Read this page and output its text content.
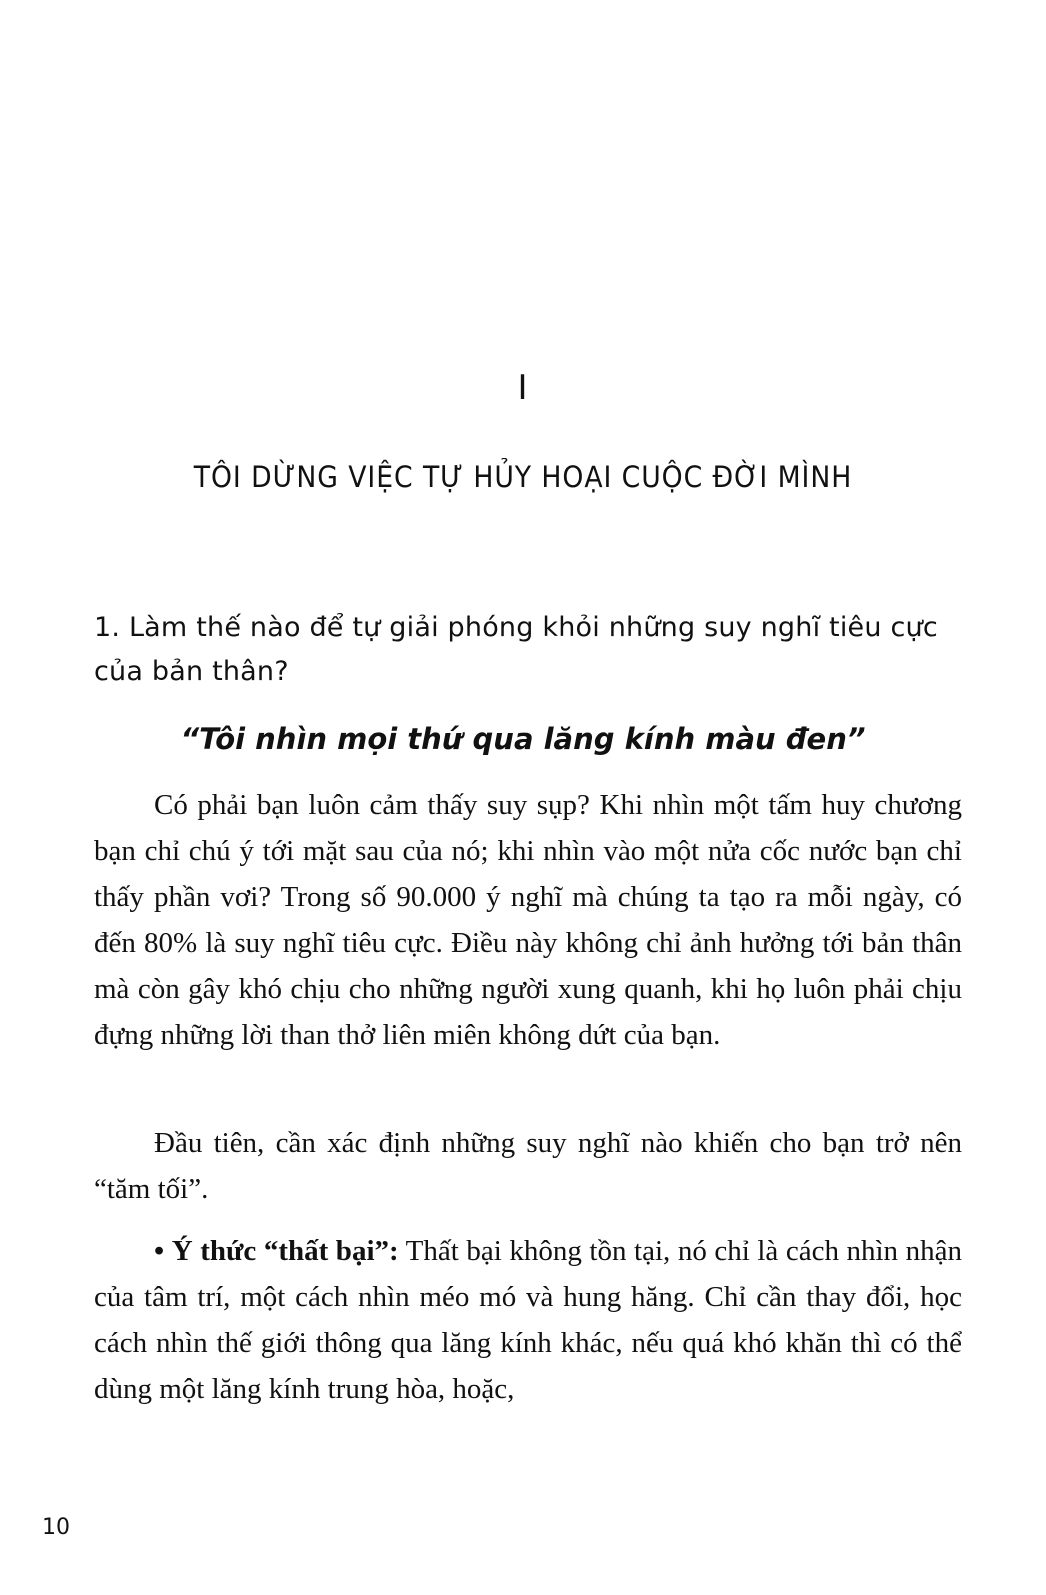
I
TÔI DỪNG VIỆC TỰ HỦY HOẠI CUỘC ĐỜI MÌNH
1. Làm thế nào để tự giải phóng khỏi những suy nghĩ tiêu cực của bản thân?
“Tôi nhìn mọi thứ qua lăng kính màu đen”

Có phải bạn luôn cảm thấy suy sụp? Khi nhìn một tấm huy chương bạn chỉ chú ý tới mặt sau của nó; khi nhìn vào một nửa cốc nước bạn chỉ thấy phần vơi? Trong số 90.000 ý nghĩ mà chúng ta tạo ra mỗi ngày, có đến 80% là suy nghĩ tiêu cực. Điều này không chỉ ảnh hưởng tới bản thân mà còn gây khó chịu cho những người xung quanh, khi họ luôn phải chịu đựng những lời than thở liên miên không dứt của bạn.

Đầu tiên, cần xác định những suy nghĩ nào khiến cho bạn trở nên “tăm tối”.

• Ý thức “thất bại”: Thất bại không tồn tại, nó chỉ là cách nhìn nhận của tâm trí, một cách nhìn méo mó và hung hăng. Chỉ cần thay đổi, học cách nhìn thế giới thông qua lăng kính khác, nếu quá khó khăn thì có thể dùng một lăng kính trung hòa, hoặc,

10
